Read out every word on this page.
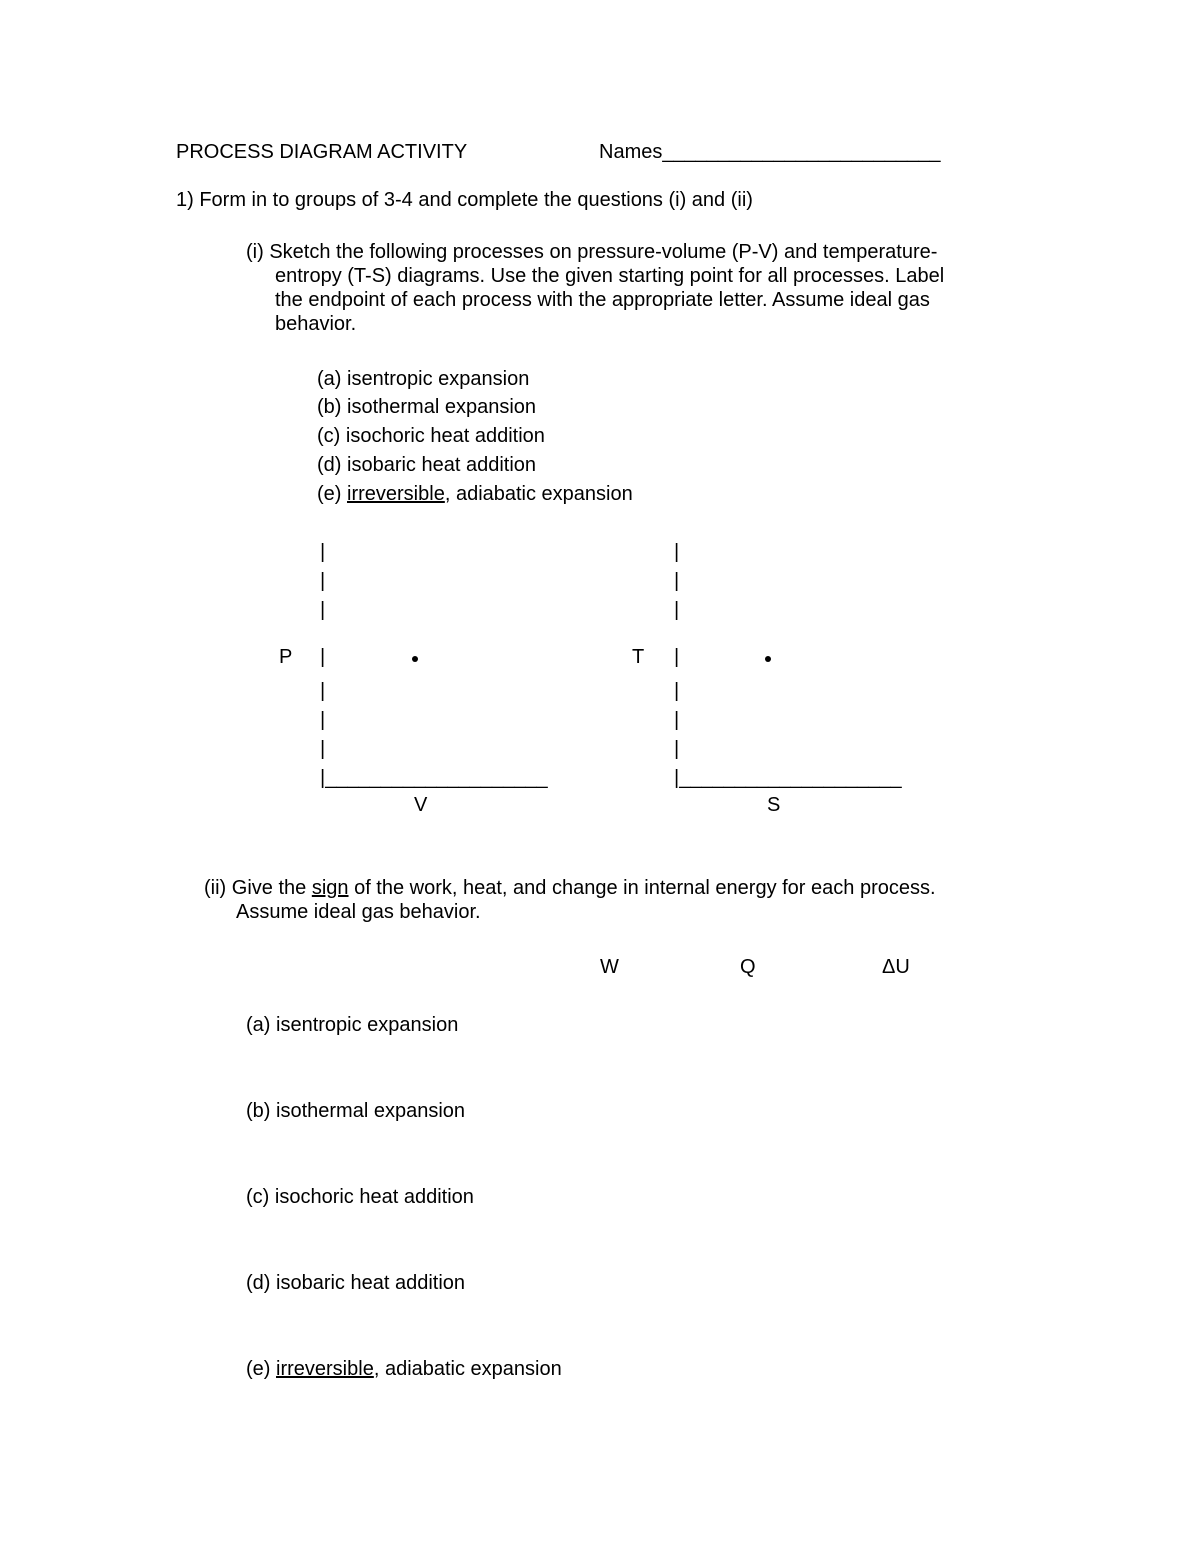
PROCESS DIAGRAM ACTIVITY	Names_________________________
1) Form in to groups of 3-4 and complete the questions (i) and (ii)
(i) Sketch the following processes on pressure-volume (P-V) and temperature-
entropy (T-S) diagrams. Use the given starting point for all processes. Label
the endpoint of each process with the appropriate letter. Assume ideal gas
behavior.
(a) isentropic expansion
(b) isothermal expansion
(c) isochoric heat addition
(d) isobaric heat addition
(e) irreversible, adiabatic expansion
|
|
|
P |
|
|
|
|____________________
V
|
|
|
T |
|
|
|
|____________________
S
(ii) Give the sign of the work, heat, and change in internal energy for each process.
Assume ideal gas behavior.
W	Q	ΔU
(a) isentropic expansion
(b) isothermal expansion
(c) isochoric heat addition
(d) isobaric heat addition
(e) irreversible, adiabatic expansion
